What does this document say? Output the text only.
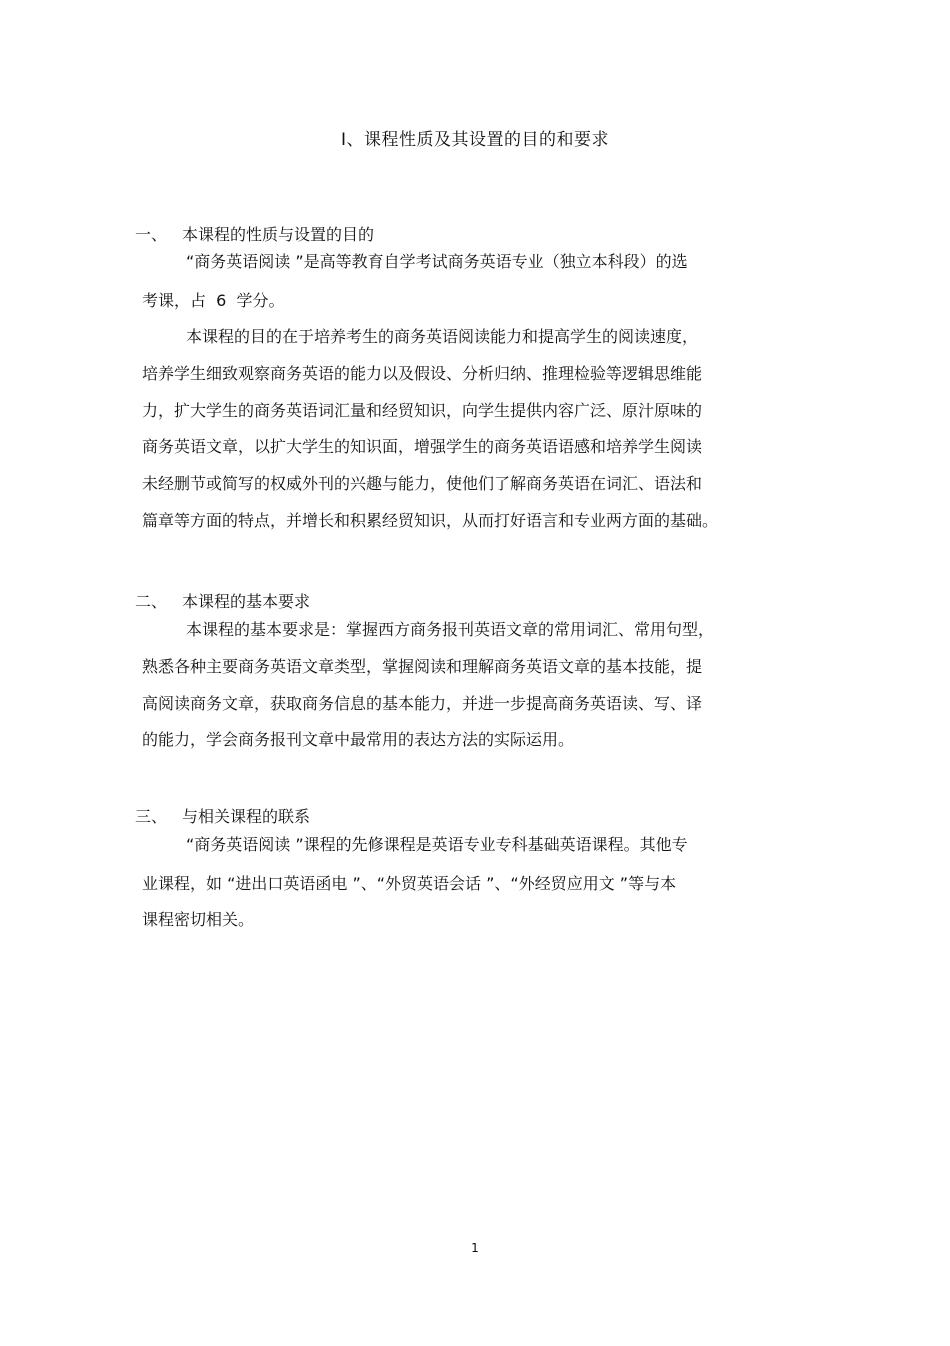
Ⅰ、课程性质及其设置的目的和要求
一、 本课程的性质与设置的目的
“商务英语阅读 ”是高等教育自学考试商务英语专业（独立本科段）的选
考课，占  6  学分。
本课程的目的在于培养考生的商务英语阅读能力和提高学生的阅读速度，
培养学生细致观察商务英语的能力以及假设、分析归纳、推理检验等逻辑思维能
力，扩大学生的商务英语词汇量和经贸知识，向学生提供内容广泛、原汁原味的
商务英语文章，以扩大学生的知识面，增强学生的商务英语语感和培养学生阅读
未经删节或简写的权威外刊的兴趣与能力，使他们了解商务英语在词汇、语法和
篇章等方面的特点，并增长和积累经贸知识，从而打好语言和专业两方面的基础。
二、 本课程的基本要求
本课程的基本要求是：掌握西方商务报刊英语文章的常用词汇、常用句型，
熟悉各种主要商务英语文章类型，掌握阅读和理解商务英语文章的基本技能，提
高阅读商务文章，获取商务信息的基本能力，并进一步提高商务英语读、写、译
的能力，学会商务报刊文章中最常用的表达方法的实际运用。
三、 与相关课程的联系
“商务英语阅读 ”课程的先修课程是英语专业专科基础英语课程。其他专
业课程，如 “进出口英语函电 ”、“外贸英语会话 ”、“外经贸应用文 ”等与本
课程密切相关。
1
